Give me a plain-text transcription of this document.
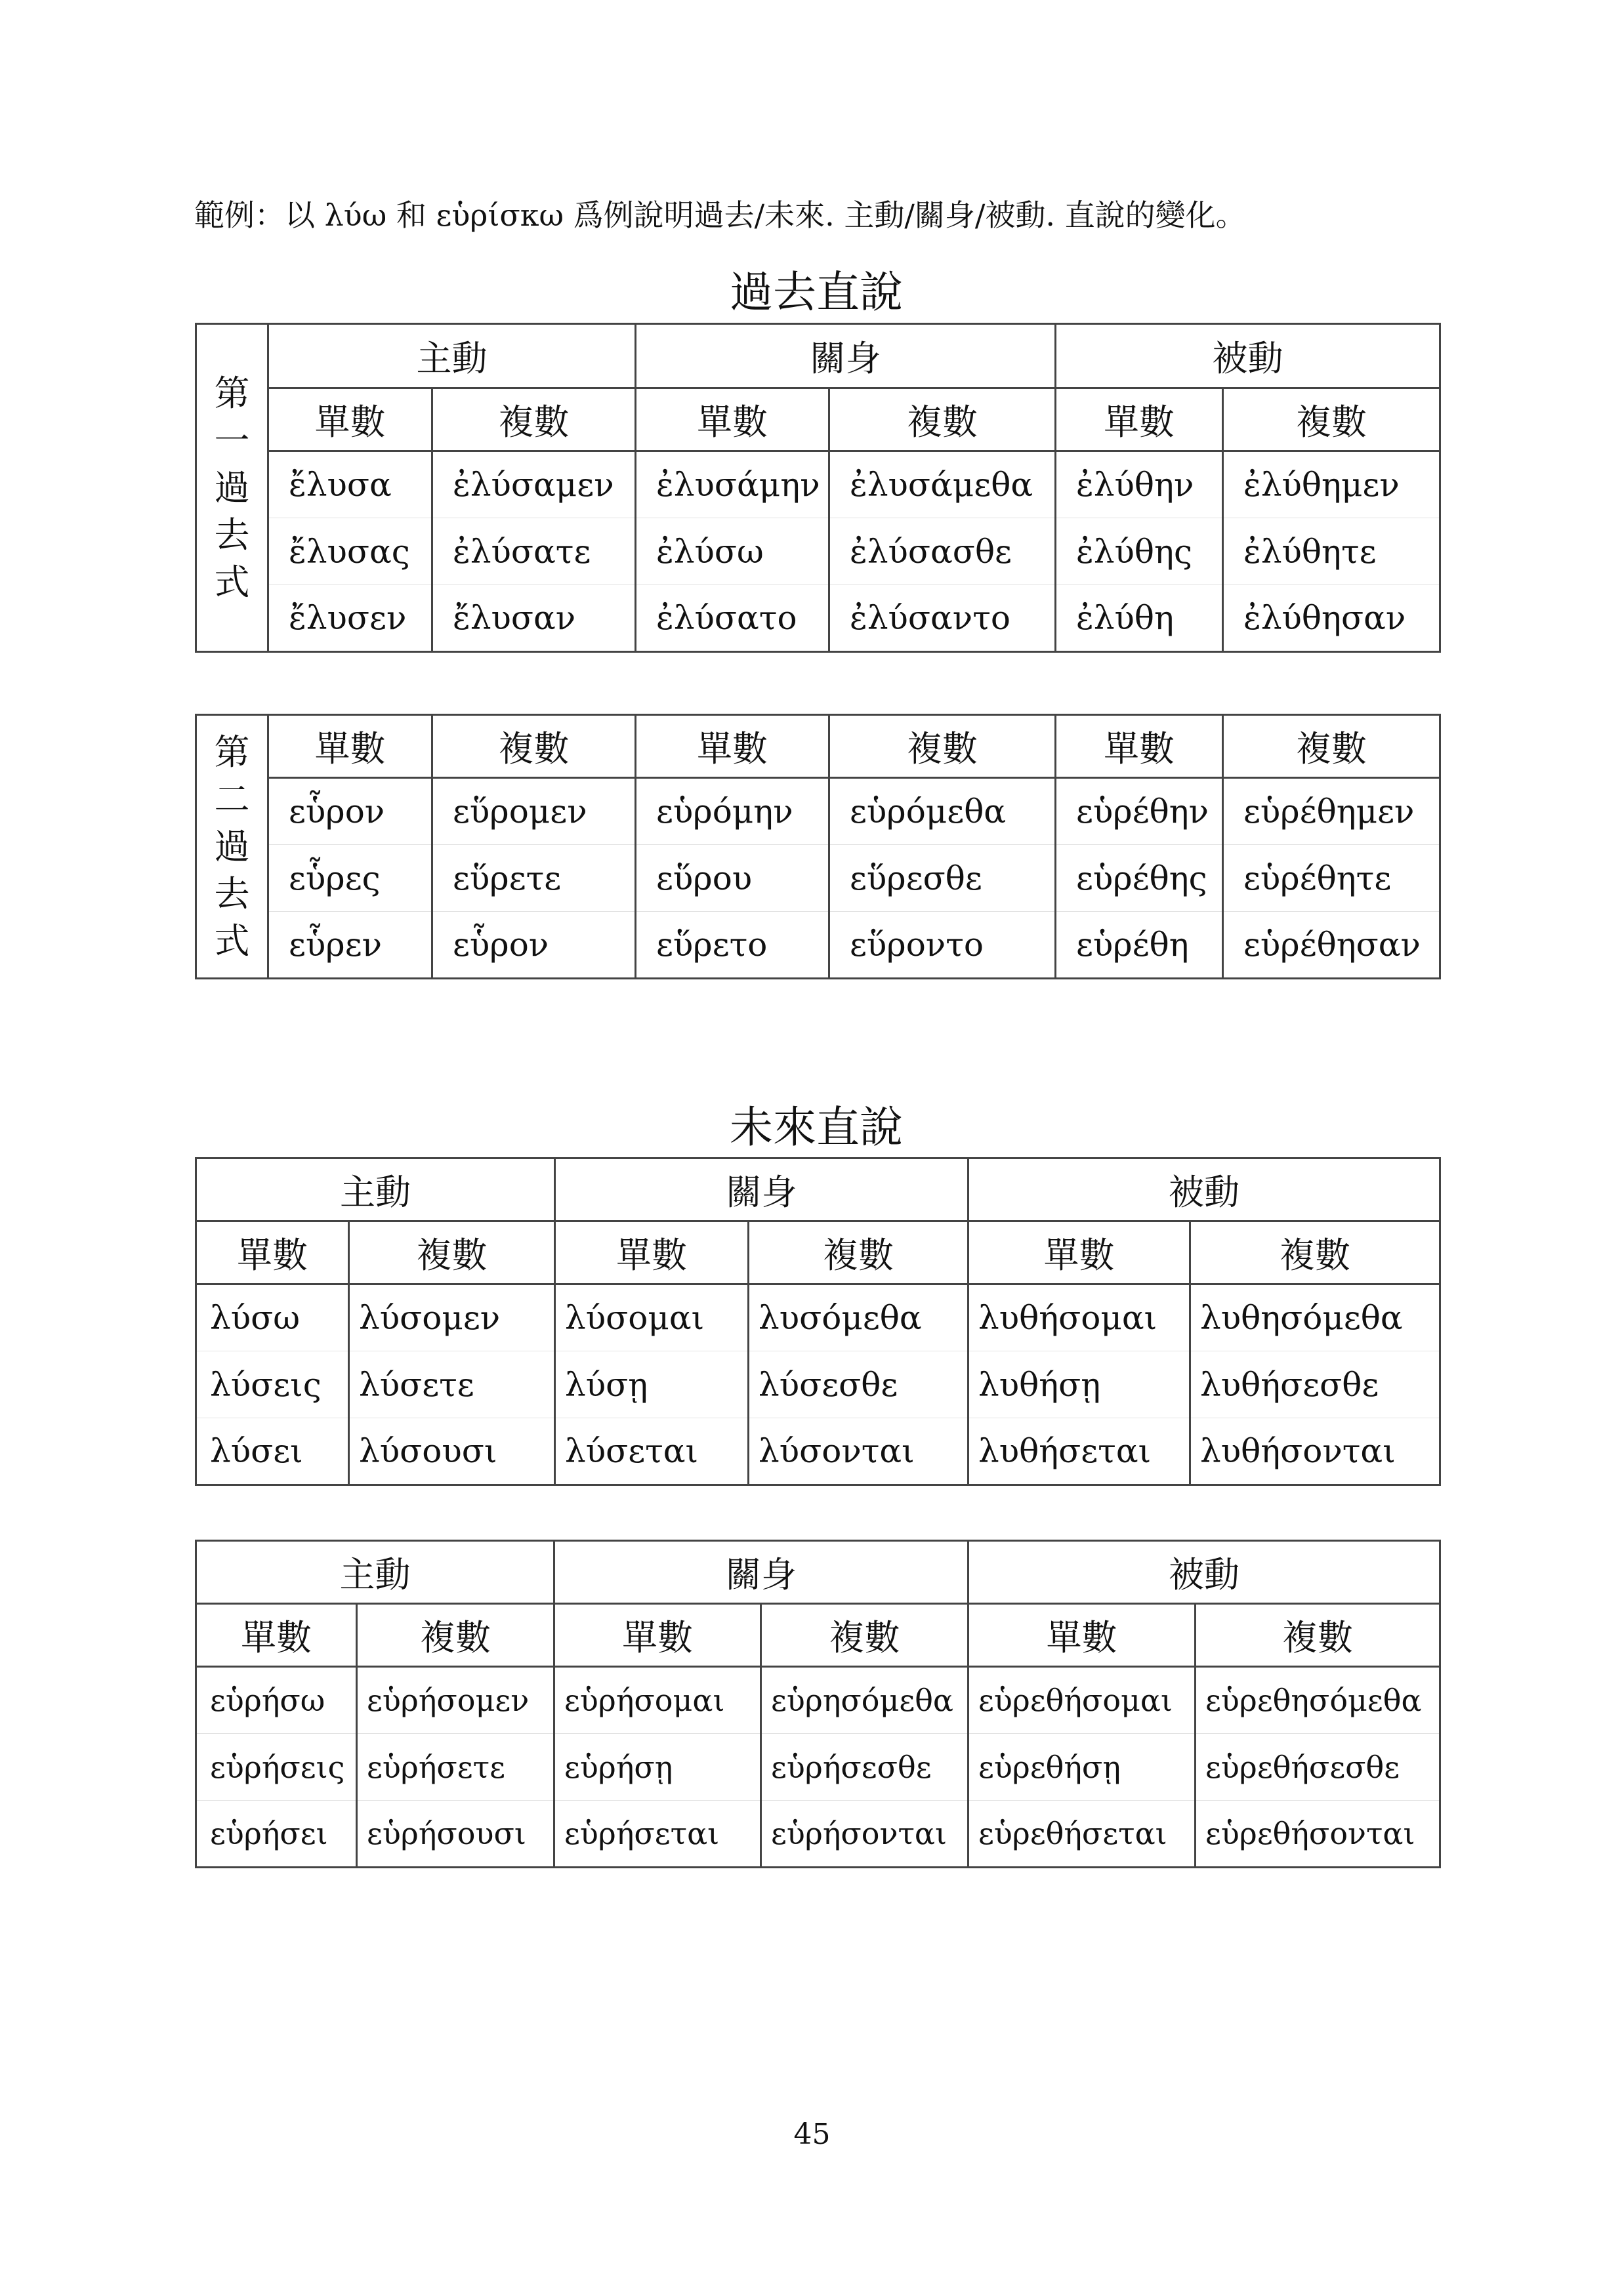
範例：以 λύω 和 εὑρίσκω 爲例說明過去/未來. 主動/關身/被動. 直說的變化。
過去直說
第
一
過
去
式	主動		關身		被動	
	單數	複數	單數	複數	單數	複數
	ἔλυσα	ἐλύσαμεν	ἐλυσάμην	ἐλυσάμεθα	ἐλύθην	ἐλύθημεν
	ἔλυσας	ἐλύσατε	ἐλύσω	ἐλύσασθε	ἐλύθης	ἐλύθητε
	ἔλυσεν	ἔλυσαν	ἐλύσατο	ἐλύσαντο	ἐλύθη	ἐλύθησαν
第
二
過
去
式	單數	複數	單數	複數	單數	複數
	εὗρον	εὕρομεν	εὑρόμην	εὑρόμεθα	εὑρέθην	εὑρέθημεν
	εὗρες	εὕρετε	εὕρου	εὕρεσθε	εὑρέθης	εὑρέθητε
	εὗρεν	εὗρον	εὕρετο	εὕροντο	εὑρέθη	εὑρέθησαν
未來直說
主動		關身		被動	
單數	複數	單數	複數	單數	複數
λύσω	λύσομεν	λύσομαι	λυσόμεθα	λυθήσομαι	λυθησόμεθα
λύσεις	λύσετε	λύσῃ	λύσεσθε	λυθήσῃ	λυθήσεσθε
λύσει	λύσουσι	λύσεται	λύσονται	λυθήσεται	λυθήσονται
主動		關身		被動	
單數	複數	單數	複數	單數	複數
εὑρήσω	εὑρήσομεν	εὑρήσομαι	εὑρησόμεθα	εὑρεθήσομαι	εὑρεθησόμεθα
εὑρήσεις	εὑρήσετε	εὑρήσῃ	εὑρήσεσθε	εὑρεθήσῃ	εὑρεθήσεσθε
εὑρήσει	εὑρήσουσι	εὑρήσεται	εὑρήσονται	εὑρεθήσεται	εὑρεθήσονται
45
